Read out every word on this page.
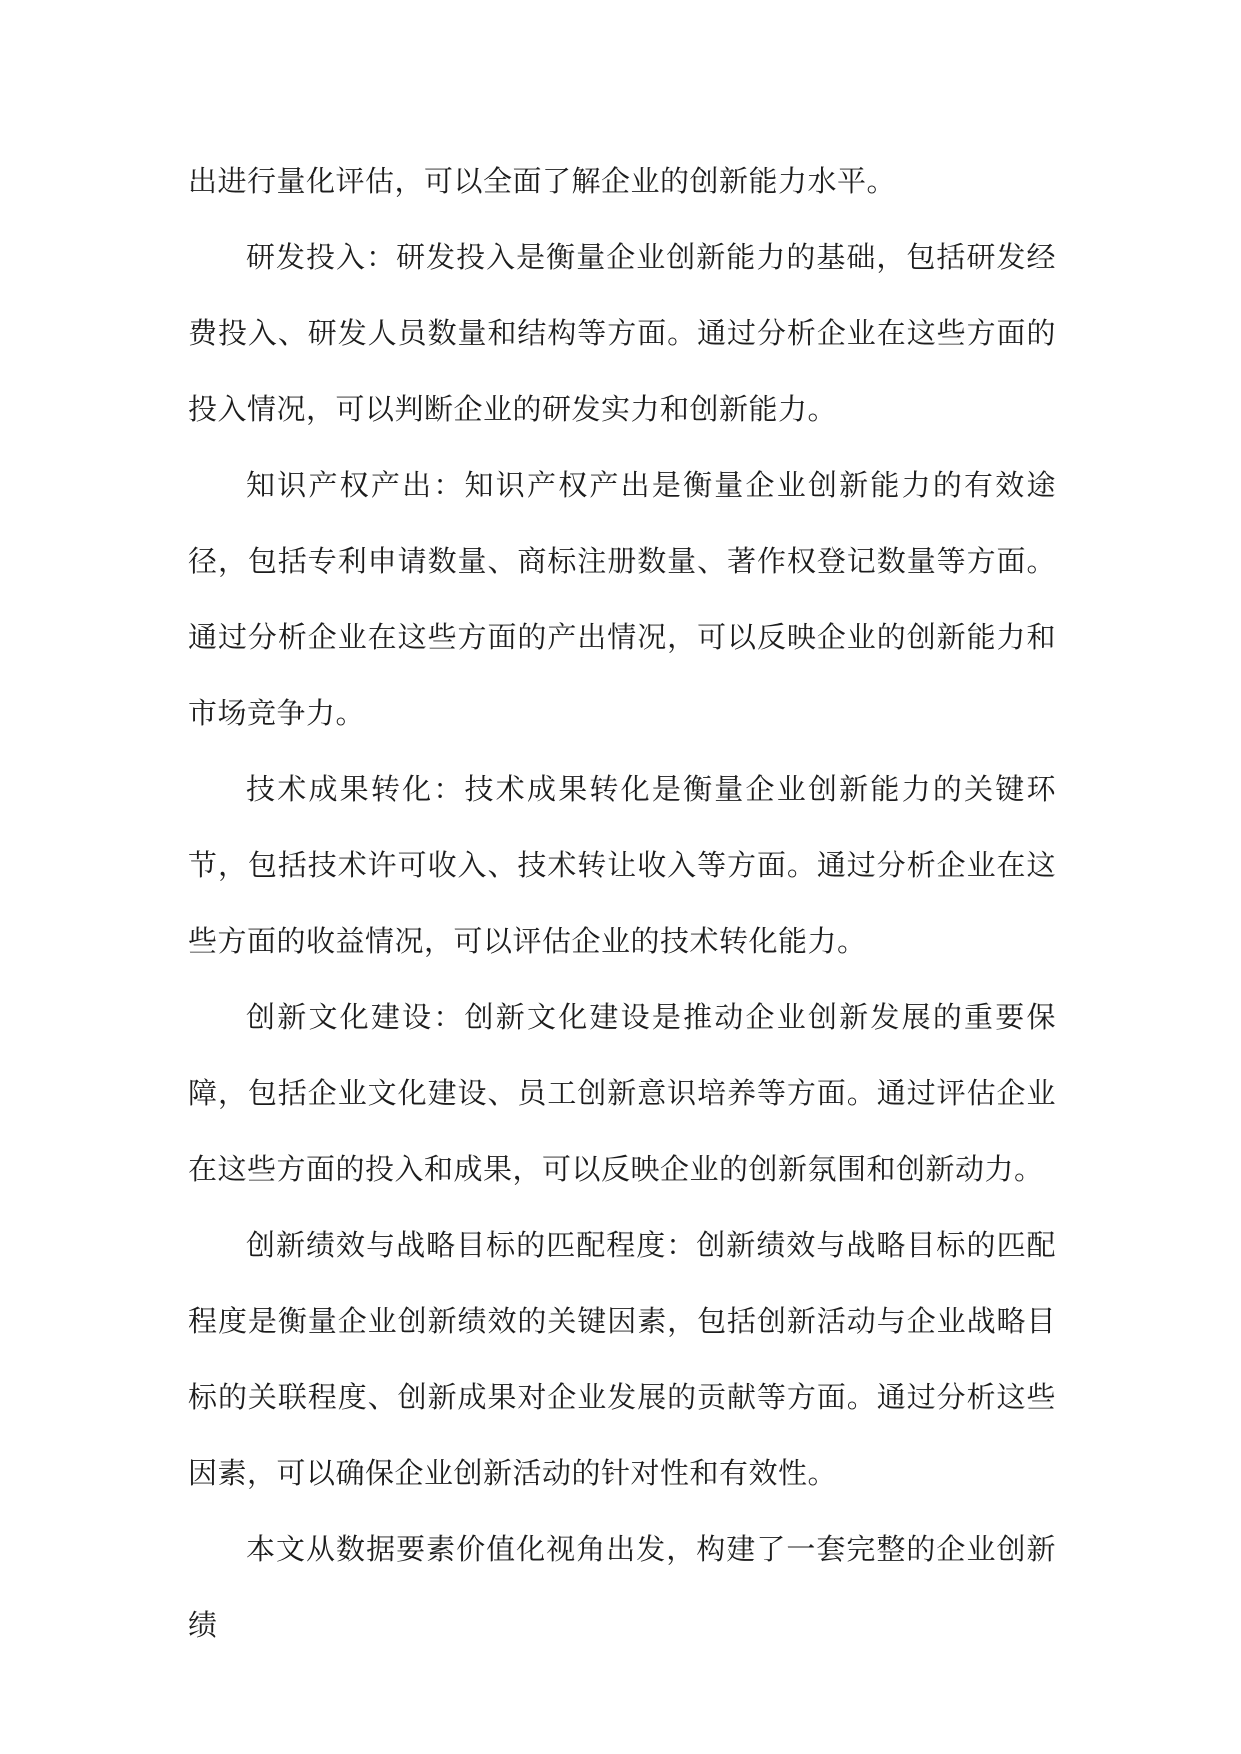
出进行量化评估，可以全面了解企业的创新能力水平。

研发投入：研发投入是衡量企业创新能力的基础，包括研发经费投入、研发人员数量和结构等方面。通过分析企业在这些方面的投入情况，可以判断企业的研发实力和创新能力。

知识产权产出：知识产权产出是衡量企业创新能力的有效途径，包括专利申请数量、商标注册数量、著作权登记数量等方面。通过分析企业在这些方面的产出情况，可以反映企业的创新能力和市场竞争力。

技术成果转化：技术成果转化是衡量企业创新能力的关键环节，包括技术许可收入、技术转让收入等方面。通过分析企业在这些方面的收益情况，可以评估企业的技术转化能力。

创新文化建设：创新文化建设是推动企业创新发展的重要保障，包括企业文化建设、员工创新意识培养等方面。通过评估企业在这些方面的投入和成果，可以反映企业的创新氛围和创新动力。

创新绩效与战略目标的匹配程度：创新绩效与战略目标的匹配程度是衡量企业创新绩效的关键因素，包括创新活动与企业战略目标的关联程度、创新成果对企业发展的贡献等方面。通过分析这些因素，可以确保企业创新活动的针对性和有效性。

本文从数据要素价值化视角出发，构建了一套完整的企业创新绩
